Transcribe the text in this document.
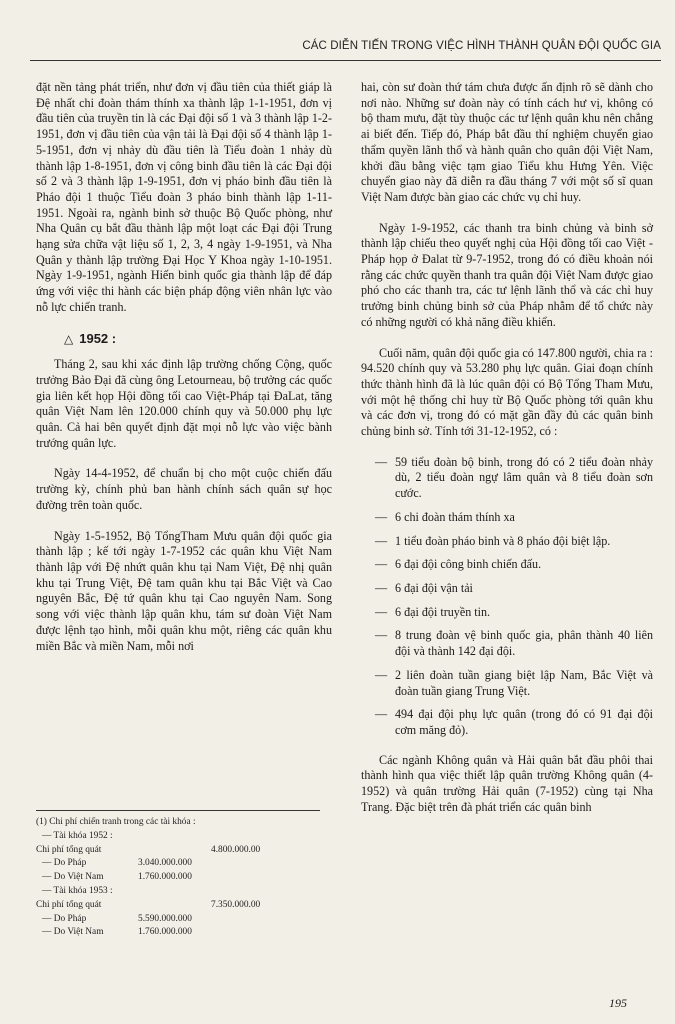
CÁC DIỄN TIẾN TRONG VIỆC HÌNH THÀNH QUÂN ĐỘI QUỐC GIA

đặt nền tảng phát triển, như đơn vị đầu tiên của thiết giáp là Đệ nhất chi đoàn thám thính xa thành lập 1-1-1951, đơn vị đầu tiên của truyền tin là các Đại đội số 1 và 3 thành lập 1-2-1951, đơn vị đầu tiên của vận tải là Đại đội số 4 thành lập 1-5-1951, đơn vị nhảy dù đầu tiên là Tiểu đoàn 1 nhảy dù thành lập 1-8-1951, đơn vị công binh đầu tiên là các Đại đội số 2 và 3 thành lập 1-9-1951, đơn vị pháo binh đầu tiên là Pháo đội 1 thuộc Tiểu đoàn 3 pháo binh thành lập 1-11-1951. Ngoài ra, ngành binh sở thuộc Bộ Quốc phòng, như Nha Quân cụ bắt đầu thành lập một loạt các Đại đội Trung hạng sửa chữa vật liệu số 1, 2, 3, 4 ngày 1-9-1951, và Nha Quân y thành lập trường Đại Học Y Khoa ngày 1-10-1951. Ngày 1-9-1951, ngành Hiến binh quốc gia thành lập để đáp ứng với việc thi hành các biện pháp động viên nhân lực vào nỗ lực chiến tranh.

△ 1952 :

Tháng 2, sau khi xác định lập trường chống Cộng, quốc trưởng Bảo Đại đã cùng ông Letourneau, bộ trưởng các quốc gia liên kết họp Hội đồng tối cao Việt-Pháp tại ĐaLat, tăng quân Việt Nam lên 120.000 chính quy và 50.000 phụ lực quân. Cả hai bên quyết định đặt mọi nỗ lực vào việc bành trướng quân lực.

Ngày 14-4-1952, để chuẩn bị cho một cuộc chiến đấu trường kỳ, chính phủ ban hành chính sách quân sự học đường trên toàn quốc.

Ngày 1-5-1952, Bộ TổngTham Mưu quân đội quốc gia thành lập ; kế tới ngày 1-7-1952 các quân khu Việt Nam thành lập với Đệ nhứt quân khu tại Nam Việt, Đệ nhị quân khu tại Trung Việt, Đệ tam quân khu tại Bắc Việt và Cao nguyên Bắc, Đệ tứ quân khu tại Cao nguyên Nam. Song song với việc thành lập quân khu, tám sư đoàn Việt Nam được lệnh tạo hình, mỗi quân khu một, riêng các quân khu miền Bắc và miền Nam, mỗi nơi

(1) Chi phí chiến tranh trong các tài khóa :
— Tài khóa 1952 :
Chi phí tổng quát	4.800.000.00
— Do Pháp	3.040.000.000
— Do Việt Nam	1.760.000.000
— Tài khóa 1953 :
Chi phí tổng quát	7.350.000.00
— Do Pháp	5.590.000.000
— Do Việt Nam	1.760.000.000

hai, còn sư đoàn thứ tám chưa được ấn định rõ sẽ dành cho nơi nào. Những sư đoàn này có tính cách hư vị, không có bộ tham mưu, đặt tùy thuộc các tư lệnh quân khu nên chẳng ai biết đến. Tiếp đó, Pháp bắt đầu thí nghiệm chuyển giao thẩm quyền lãnh thổ và hành quân cho quân đội Việt Nam, khởi đầu bằng việc tạm giao Tiểu khu Hưng Yên. Việc chuyển giao này đã diễn ra đầu tháng 7 với một số sĩ quan Việt Nam được bàn giao các chức vụ chỉ huy.

Ngày 1-9-1952, các thanh tra binh chủng và binh sở thành lập chiếu theo quyết nghị của Hội đồng tối cao Việt - Pháp họp ở Đalat từ 9-7-1952, trong đó có điều khoản nói rằng các chức quyền thanh tra quân đội Việt Nam được giao phó cho các thanh tra, các tư lệnh lãnh thổ và các chỉ huy trưởng binh chủng binh sở của Pháp nhằm để tổ chức này có những người có khả năng điều khiển.

Cuối năm, quân đội quốc gia có 147.800 người, chia ra : 94.520 chính quy và 53.280 phụ lực quân. Giai đoạn chính thức thành hình đã là lúc quân đội có Bộ Tổng Tham Mưu, với một hệ thống chỉ huy từ Bộ Quốc phòng tới quân khu và các đơn vị, trong đó có mặt gần đầy đủ các quân binh chủng binh sở. Tính tới 31-12-1952, có :

— 59 tiểu đoàn bộ binh, trong đó có 2 tiểu đoàn nhảy dù, 2 tiểu đoàn ngự lâm quân và 8 tiểu đoàn sơn cước.
— 6 chi đoàn thám thính xa
— 1 tiểu đoàn pháo binh và 8 pháo đội biệt lập.
— 6 đại đội công binh chiến đấu.
— 6 đại đội vận tải
— 6 đại đội truyền tin.
— 8 trung đoàn vệ binh quốc gia, phân thành 40 liên đội và thành 142 đại đội.
— 2 liên đoàn tuần giang biệt lập Nam, Bắc Việt và đoàn tuần giang Trung Việt.
— 494 đại đội phụ lực quân (trong đó có 91 đại đội cơm măng đỏ).

Các ngành Không quân và Hải quân bắt đầu phôi thai thành hình qua việc thiết lập quân trường Không quân (4-1952) và quân trường Hải quân (7-1952) cùng tại Nha Trang. Đặc biệt trên đà phát triển các quân binh

195
